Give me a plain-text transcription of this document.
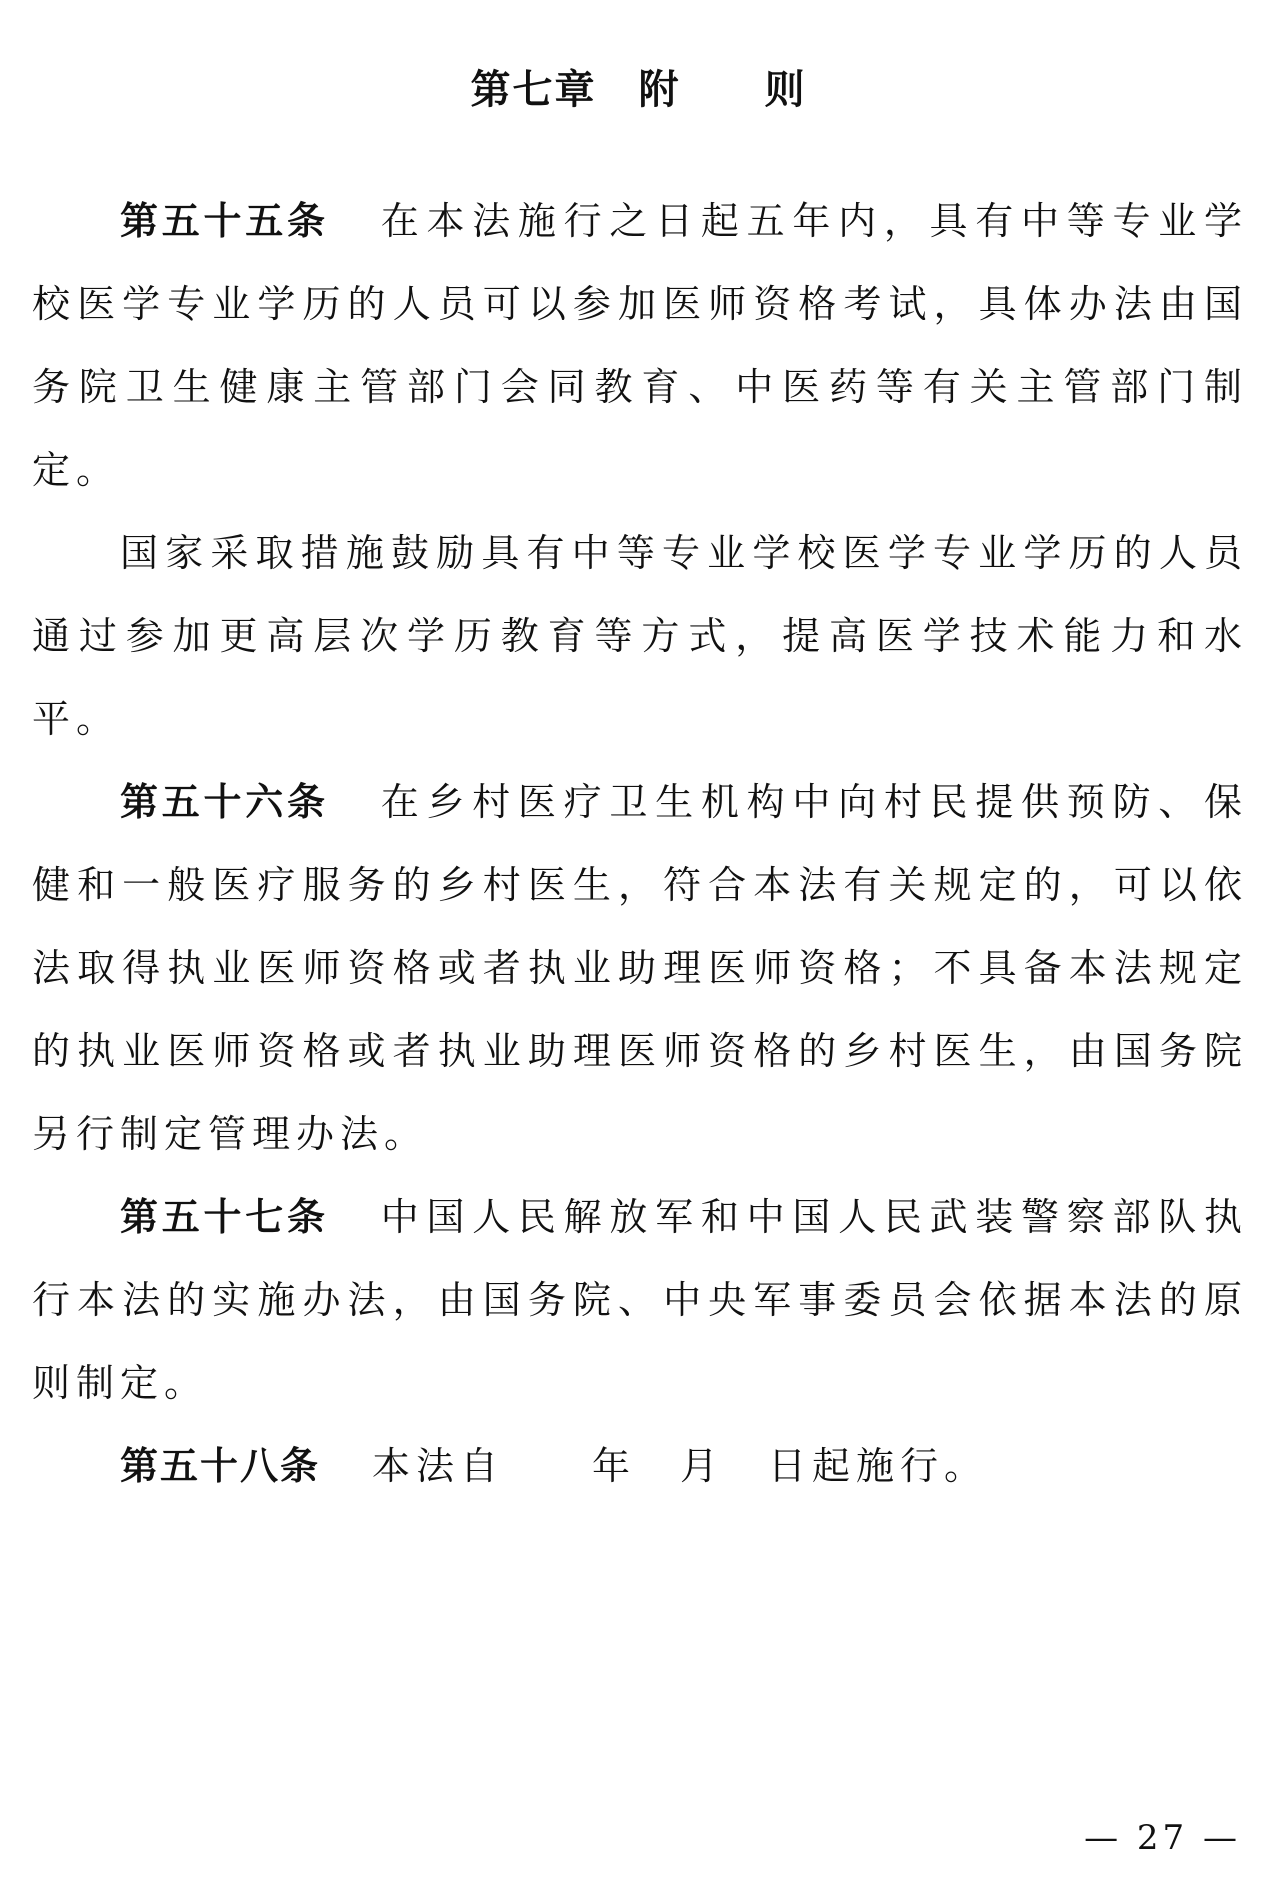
第七章　附　　则

第五十五条 在本法施行之日起五年内，具有中等专业学校医学专业学历的人员可以参加医师资格考试，具体办法由国务院卫生健康主管部门会同教育、中医药等有关主管部门制定。

国家采取措施鼓励具有中等专业学校医学专业学历的人员通过参加更高层次学历教育等方式，提高医学技术能力和水平。

第五十六条 在乡村医疗卫生机构中向村民提供预防、保健和一般医疗服务的乡村医生，符合本法有关规定的，可以依法取得执业医师资格或者执业助理医师资格；不具备本法规定的执业医师资格或者执业助理医师资格的乡村医生，由国务院另行制定管理办法。

第五十七条 中国人民解放军和中国人民武装警察部队执行本法的实施办法，由国务院、中央军事委员会依据本法的原则制定。

第五十八条 本法自　　年　月　日起施行。

— 27 —
